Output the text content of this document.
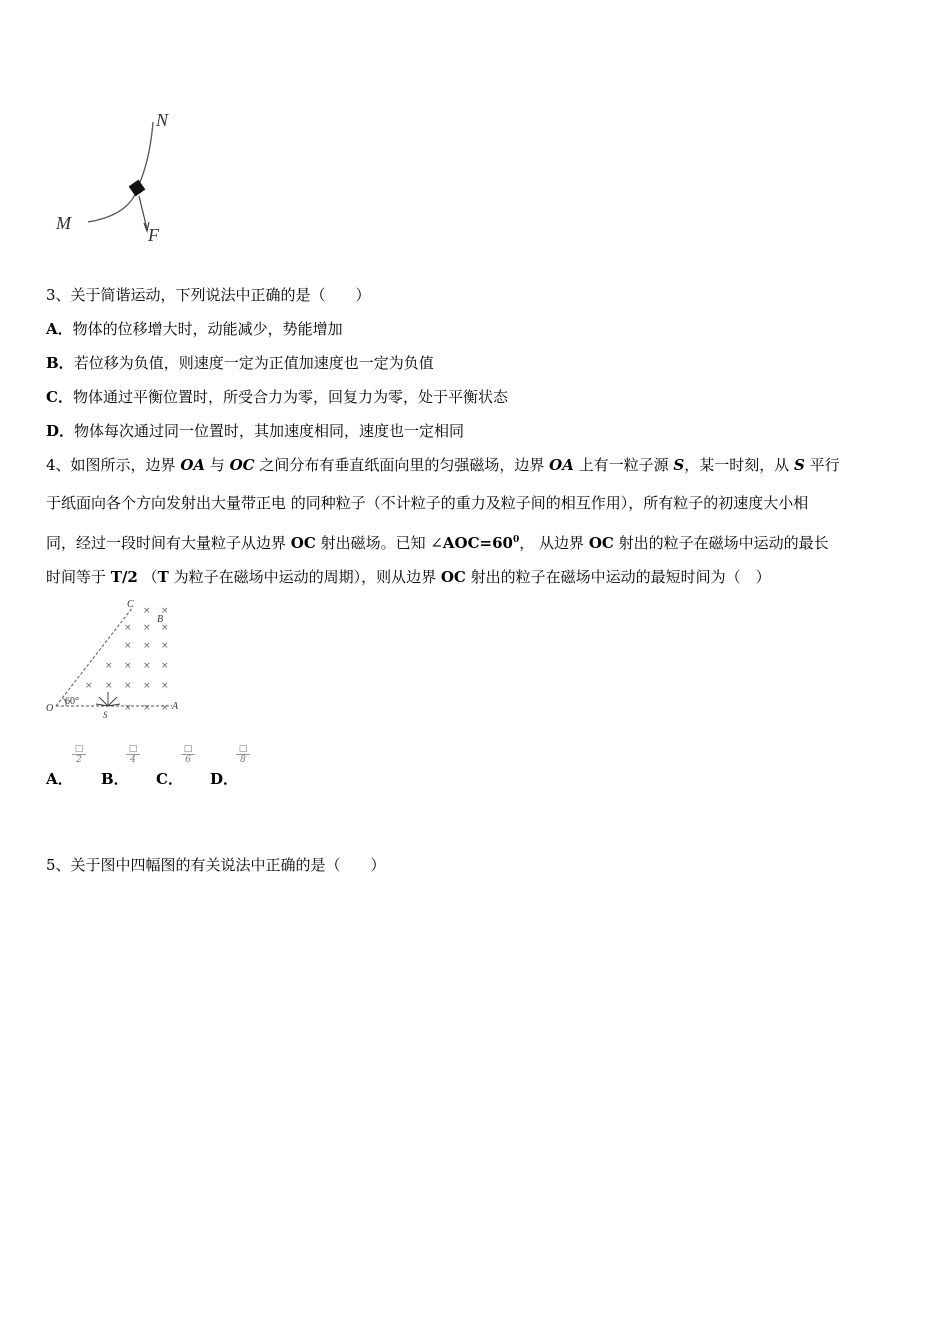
N
M
F
3、关于简谐运动，下列说法中正确的是（　　）
A．物体的位移增大时，动能减少，势能增加
B．若位移为负值，则速度一定为正值加速度也一定为负值
C．物体通过平衡位置时，所受合力为零，回复力为零，处于平衡状态
D．物体每次通过同一位置时，其加速度相同，速度也一定相同
4、如图所示，边界 OA 与 OC 之间分布有垂直纸面向里的匀强磁场，边界 OA 上有一粒子源 S，某一时刻，从 S 平行
于纸面向各个方向发射出大量带正电 的同种粒子（不计粒子的重力及粒子间的相互作用），所有粒子的初速度大小相
同，经过一段时间有大量粒子从边界 OC 射出磁场。已知 $\angle AOC=60^0$， 从边界 OC 射出的粒子在磁场中运动的最长
时间等于 T/2 （T 为粒子在磁场中运动的周期），则从边界 OC 射出的粒子在磁场中运动的最短时间为（　）
× ×
× × ×
× × ×
× × × ×
× × × × ×
× × ×
C
B
O	A
S
60°
A．
□
2
B．
□
4
C．
□
6
D．
□
8
5、关于图中四幅图的有关说法中正确的是（　　）
